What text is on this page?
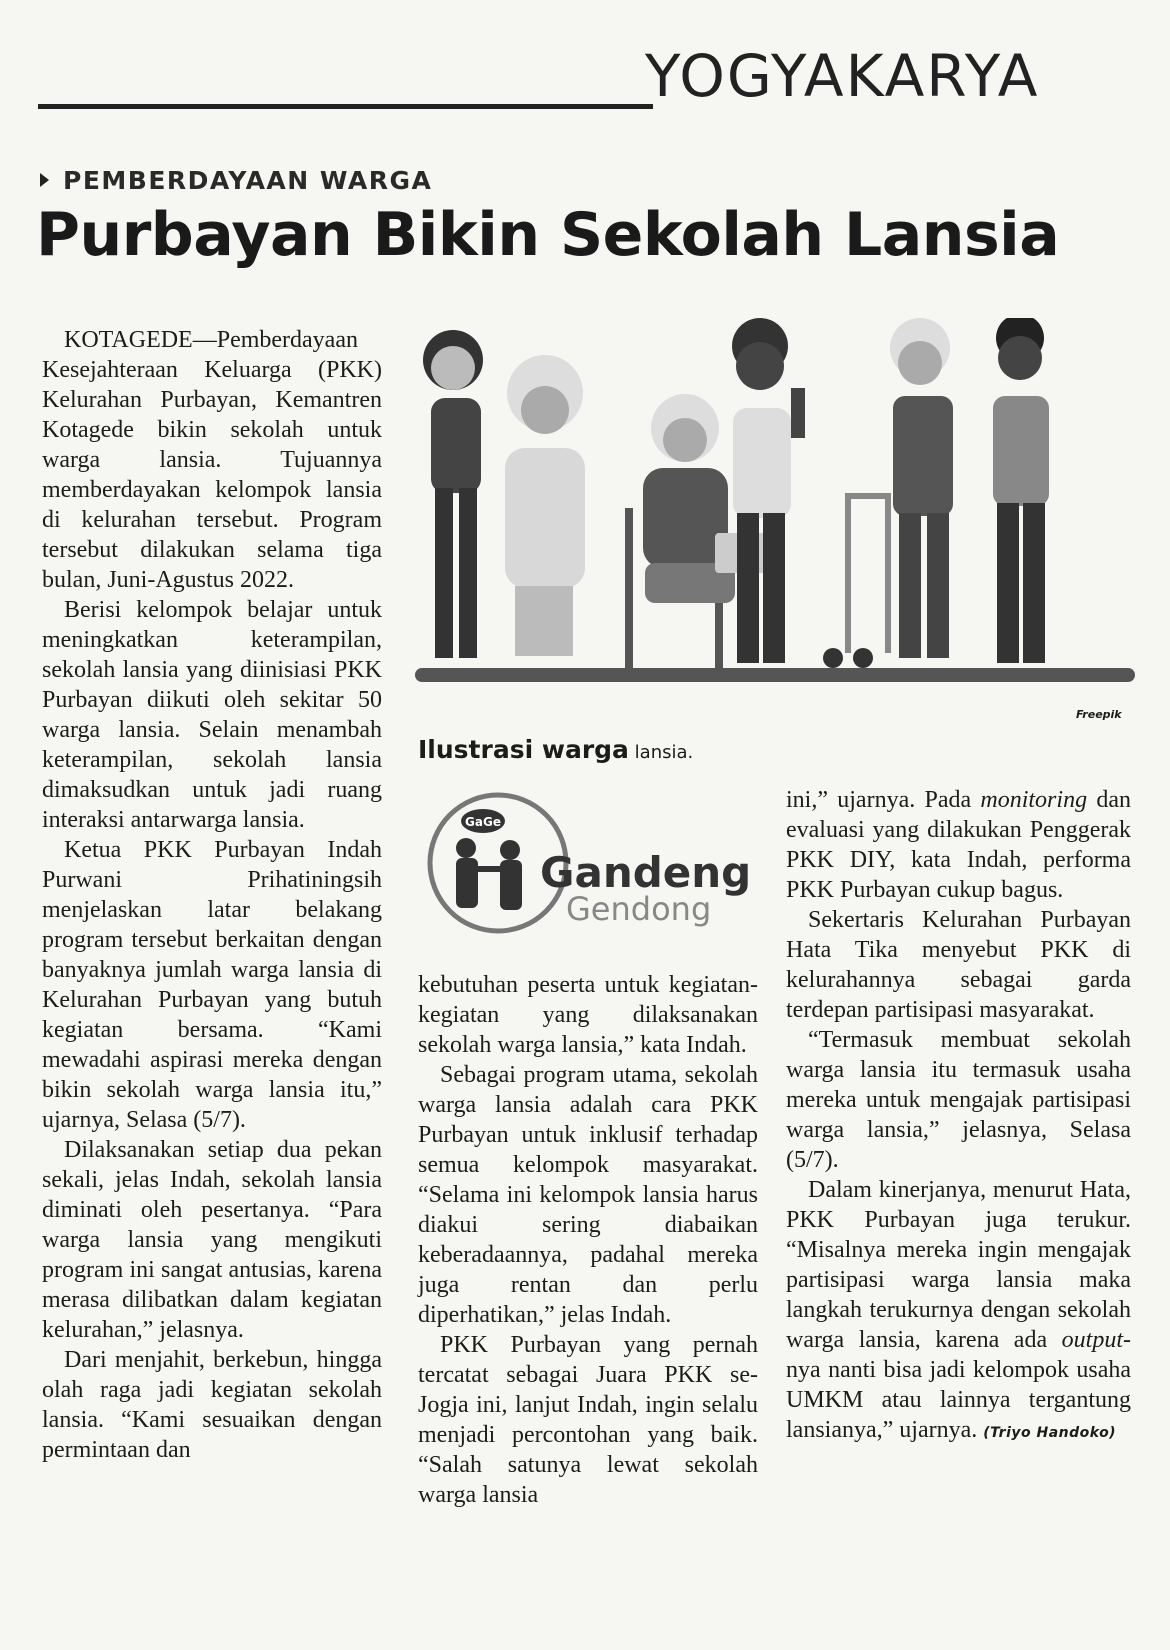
YOGYAKARYA
PEMBERDAYAAN WARGA
Purbayan Bikin Sekolah Lansia

KOTAGEDE—Pemberdayaan Kesejahteraan Keluarga (PKK) Kelurahan Purbayan, Kemantren Kotagede bikin sekolah untuk warga lansia. Tujuannya memberdayakan kelompok lansia di kelurahan tersebut. Program tersebut dilakukan selama tiga bulan, Juni-Agustus 2022.

Berisi kelompok belajar untuk meningkatkan keterampilan, sekolah lansia yang diinisiasi PKK Purbayan diikuti oleh sekitar 50 warga lansia. Selain menambah keterampilan, sekolah lansia dimaksudkan untuk jadi ruang interaksi antarwarga lansia.

Ketua PKK Purbayan Indah Purwani Prihatiningsih menjelaskan latar belakang program tersebut berkaitan dengan banyaknya jumlah warga lansia di Kelurahan Purbayan yang butuh kegiatan bersama. “Kami mewadahi aspirasi mereka dengan bikin sekolah warga lansia itu,” ujarnya, Selasa (5/7).

Dilaksanakan setiap dua pekan sekali, jelas Indah, sekolah lansia diminati oleh pesertanya. “Para warga lansia yang mengikuti program ini sangat antusias, karena merasa dilibatkan dalam kegiatan kelurahan,” jelasnya.

Dari menjahit, berkebun, hingga olah raga jadi kegiatan sekolah lansia. “Kami sesuaikan dengan permintaan dan

Freepik
Ilustrasi warga lansia.
GaGe
Gandeng
Gendong

kebutuhan peserta untuk kegiatan-kegiatan yang dilaksanakan sekolah warga lansia,” kata Indah.

Sebagai program utama, sekolah warga lansia adalah cara PKK Purbayan untuk inklusif terhadap semua kelompok masyarakat. “Selama ini kelompok lansia harus diakui sering diabaikan keberadaannya, padahal mereka juga rentan dan perlu diperhatikan,” jelas Indah.

PKK Purbayan yang pernah tercatat sebagai Juara PKK se-Jogja ini, lanjut Indah, ingin selalu menjadi percontohan yang baik. “Salah satunya lewat sekolah warga lansia

ini,” ujarnya. Pada monitoring dan evaluasi yang dilakukan Penggerak PKK DIY, kata Indah, performa PKK Purbayan cukup bagus.

Sekertaris Kelurahan Purbayan Hata Tika menyebut PKK di kelurahannya sebagai garda terdepan partisipasi masyarakat.

“Termasuk membuat sekolah warga lansia itu termasuk usaha mereka untuk mengajak partisipasi warga lansia,” jelasnya, Selasa (5/7).

Dalam kinerjanya, menurut Hata, PKK Purbayan juga terukur. “Misalnya mereka ingin mengajak partisipasi warga lansia maka langkah terukurnya dengan sekolah warga lansia, karena ada output-nya nanti bisa jadi kelompok usaha UMKM atau lainnya tergantung lansianya,” ujarnya. (Triyo Handoko)
